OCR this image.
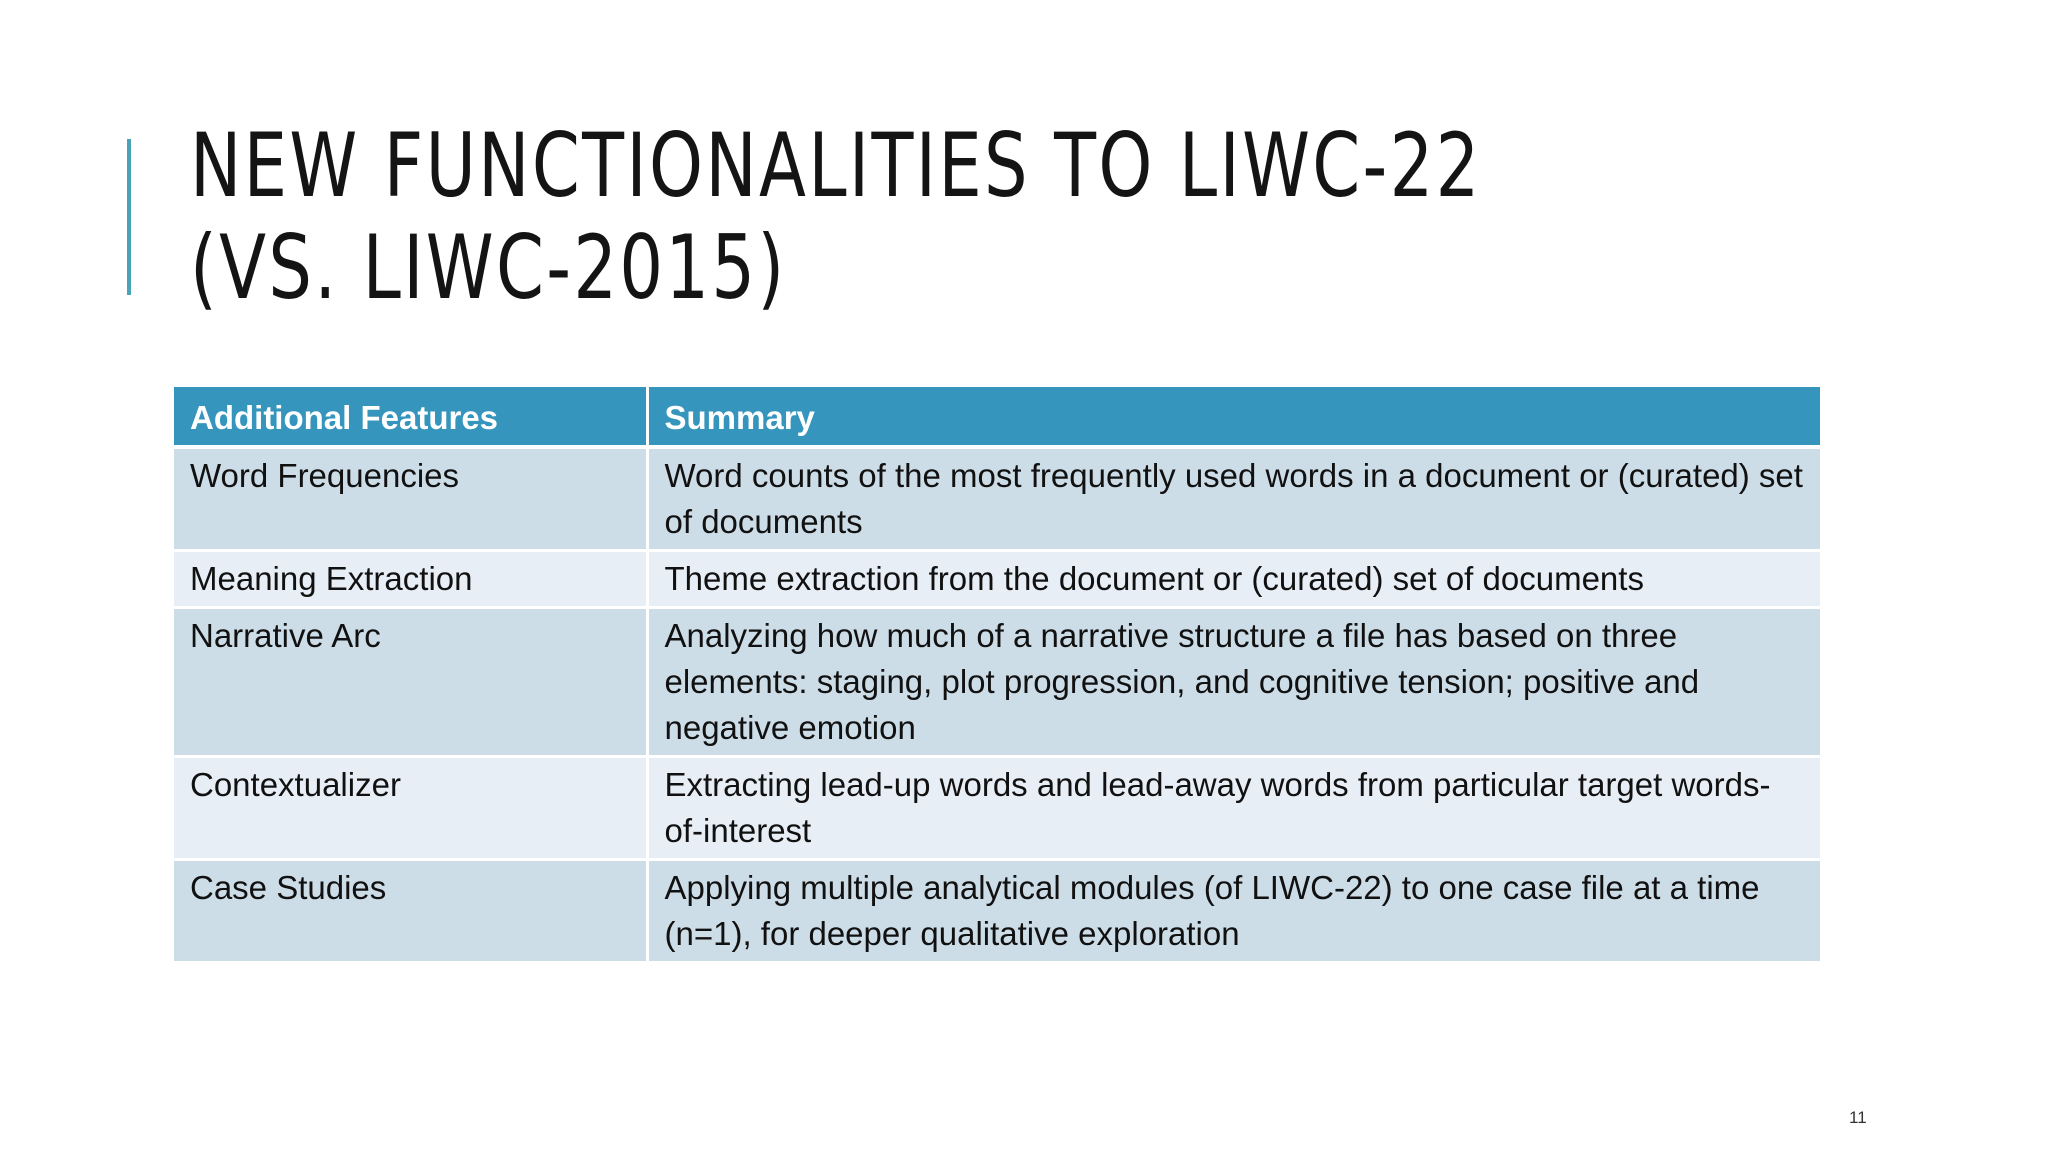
NEW FUNCTIONALITIES TO LIWC-22
(VS. LIWC-2015)
Additional Features	Summary
Word Frequencies	Word counts of the most frequently used words in a document or (curated) set of documents
Meaning Extraction	Theme extraction from the document or (curated) set of documents
Narrative Arc	Analyzing how much of a narrative structure a file has based on three elements: staging, plot progression, and cognitive tension; positive and negative emotion
Contextualizer	Extracting lead-up words and lead-away words from particular target words-of-interest
Case Studies	Applying multiple analytical modules (of LIWC-22) to one case file at a time (n=1), for deeper qualitative exploration
11
